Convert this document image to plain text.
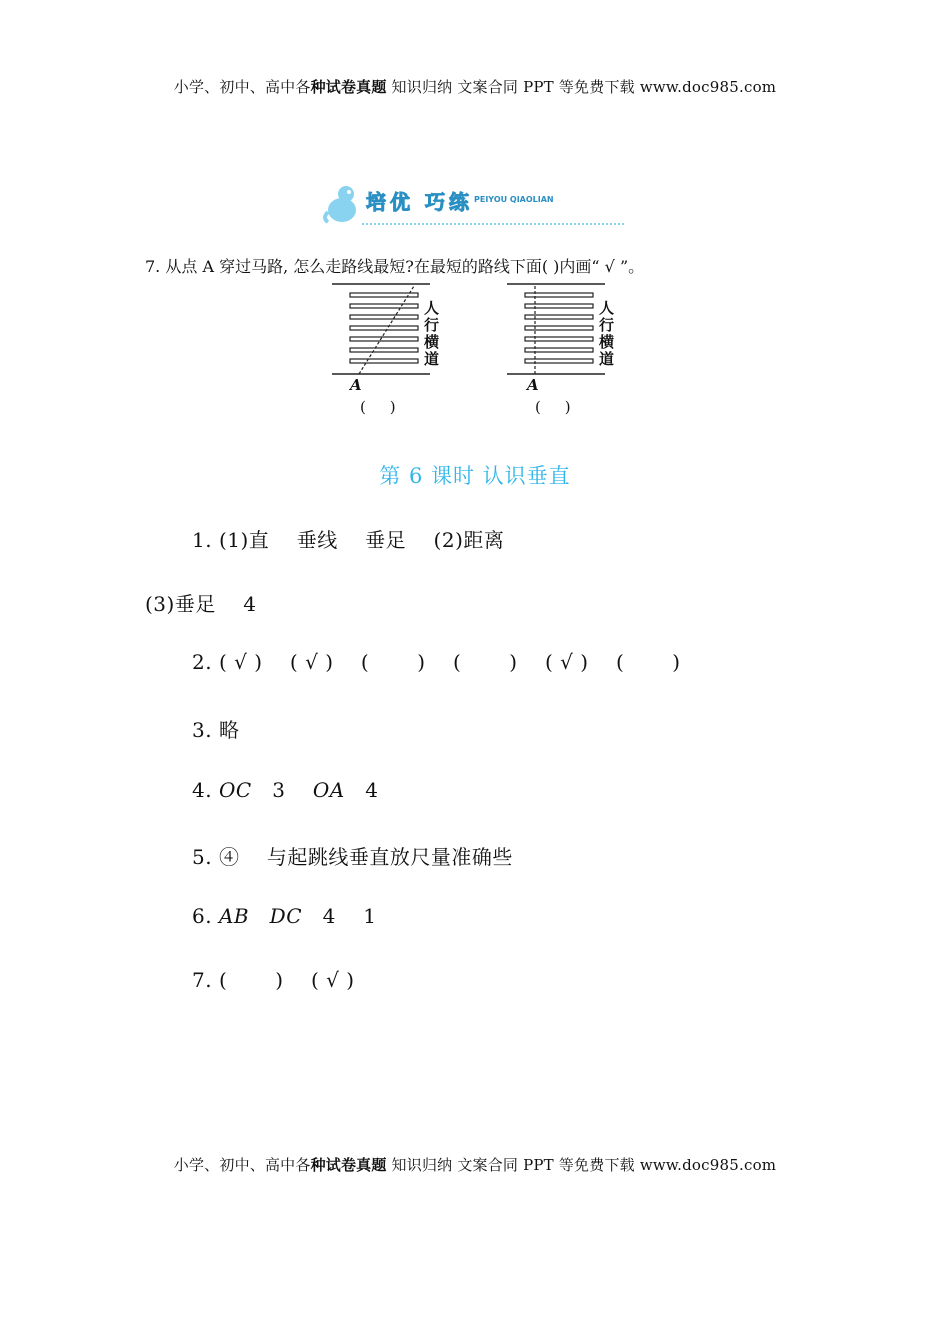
小学、初中、高中各种试卷真题 知识归纳 文案合同 PPT 等免费下载 www.doc985.com
培优 巧练 PEIYOU QIAOLIAN
7. 从点 A 穿过马路, 怎么走路线最短?在最短的路线下面( )内画“ √ ”。
人行横道
A
(     )
人行横道
A
(     )
第 6 课时 认识垂直
1. (1)直    垂线    垂足    (2)距离
(3)垂足    4
2. ( √ )    ( √ )    (       )    (       )    ( √ )    (       )
3. 略
4. OC   3    OA   4
5. ④    与起跳线垂直放尺量准确些
6. AB DC   4    1
7. (       )    ( √ )
小学、初中、高中各种试卷真题 知识归纳 文案合同 PPT 等免费下载 www.doc985.com
